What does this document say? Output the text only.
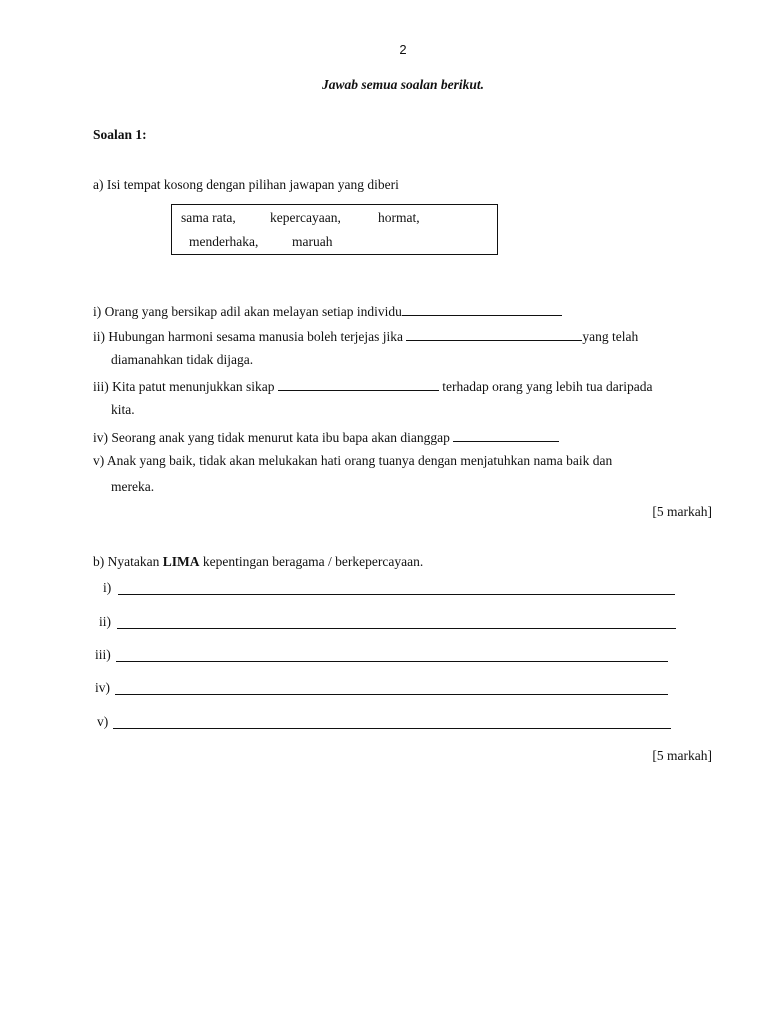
2
Jawab semua soalan berikut.
Soalan 1:
a) Isi tempat kosong dengan pilihan jawapan yang diberi
sama rata,	kepercayaan,	hormat,
menderhaka, maruah
i) Orang yang bersikap adil akan melayan setiap individu
ii) Hubungan harmoni sesama manusia boleh terjejas jika	yang telah
diamanahkan tidak dijaga.
iii) Kita patut menunjukkan sikap	terhadap orang yang lebih tua daripada
kita.
iv) Seorang anak yang tidak menurut kata ibu bapa akan dianggap
v) Anak yang baik, tidak akan melukakan hati orang tuanya dengan menjatuhkan nama baik dan
mereka.
[5 markah]
b) Nyatakan LIMA kepentingan beragama / berkepercayaan.
i)
ii)
iii)
iv)
v)
[5 markah]
